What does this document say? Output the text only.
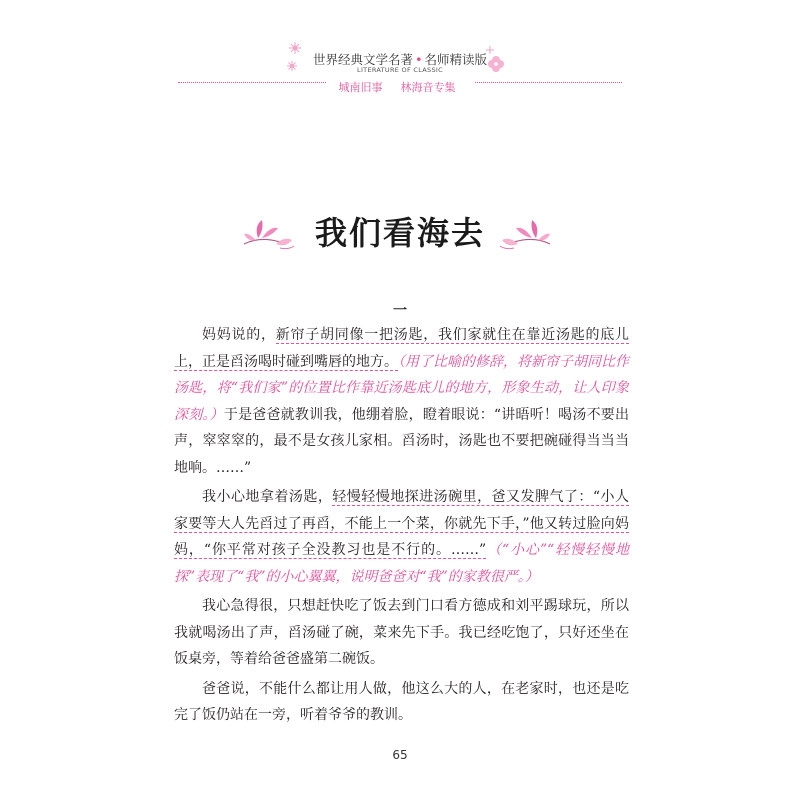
世界经典文学名著 • 名师精读版
LITERATURE OF CLASSIC
城南旧事 林海音专集
我们看海去
一

妈妈说的，新帘子胡同像一把汤匙，我们家就住在靠近汤匙的底儿上，正是舀汤喝时碰到嘴唇的地方。（用了比喻的修辞，将新帘子胡同比作汤匙，将“我们家”的位置比作靠近汤匙底儿的地方，形象生动，让人印象深刻。）于是爸爸就教训我，他绷着脸，瞪着眼说：“讲晤听！喝汤不要出声，窣窣窣的，最不是女孩儿家相。舀汤时，汤匙也不要把碗碰得当当当地响。……”

我小心地拿着汤匙，轻慢轻慢地探进汤碗里，爸又发脾气了：“小人家要等大人先舀过了再舀，不能上一个菜，你就先下手，”他又转过脸向妈妈，“你平常对孩子全没教习也是不行的。……”（“小心”“轻慢轻慢地探”表现了“我”的小心翼翼，说明爸爸对“我”的家教很严。）

我心急得很，只想赶快吃了饭去到门口看方德成和刘平踢球玩，所以我就喝汤出了声，舀汤碰了碗，菜来先下手。我已经吃饱了，只好还坐在饭桌旁，等着给爸爸盛第二碗饭。

爸爸说，不能什么都让用人做，他这么大的人，在老家时，也还是吃完了饭仍站在一旁，听着爷爷的教训。

65
